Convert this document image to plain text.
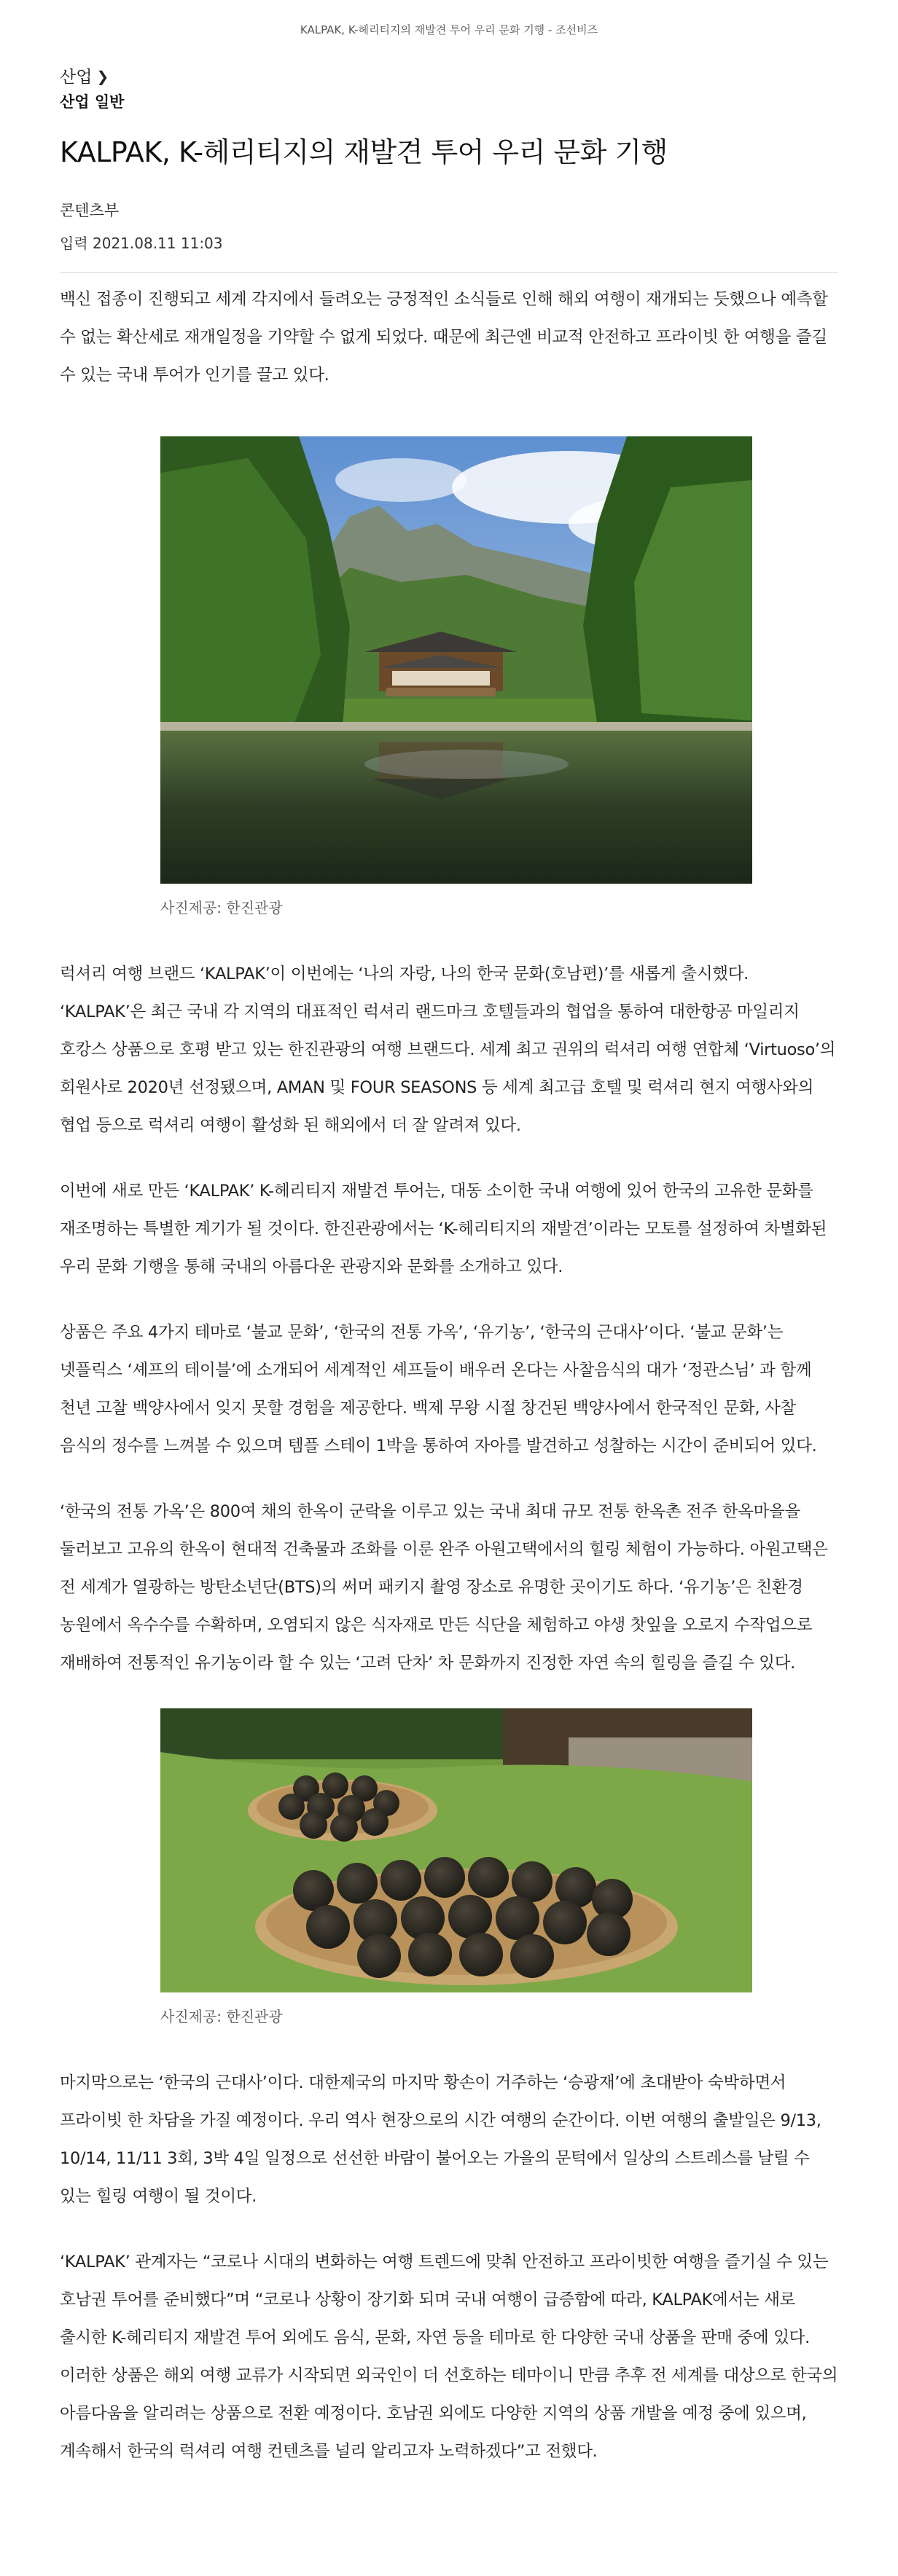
KALPAK, K-헤리티지의 재발견 투어 우리 문화 기행 - 조선비즈

산업 ❯

산업 일반

KALPAK, K-헤리티지의 재발견 투어 우리 문화 기행

콘텐츠부

입력 2021.08.11 11:03

백신 접종이 진행되고 세계 각지에서 들려오는 긍정적인 소식들로 인해 해외 여행이 재개되는 듯했으나 예측할 수 없는 확산세로 재개일정을 기약할 수 없게 되었다. 때문에 최근엔 비교적 안전하고 프라이빗 한 여행을 즐길 수 있는 국내 투어가 인기를 끌고 있다.

사진제공: 한진관광

럭셔리 여행 브랜드 ‘KALPAK’이 이번에는 ‘나의 자랑, 나의 한국 문화(호남편)’를 새롭게 출시했다. ‘KALPAK’은 최근 국내 각 지역의 대표적인 럭셔리 랜드마크 호텔들과의 협업을 통하여 대한항공 마일리지 호캉스 상품으로 호평 받고 있는 한진관광의 여행 브랜드다. 세계 최고 권위의 럭셔리 여행 연합체 ‘Virtuoso’의 회원사로 2020년 선정됐으며, AMAN 및 FOUR SEASONS 등 세계 최고급 호텔 및 럭셔리 현지 여행사와의 협업 등으로 럭셔리 여행이 활성화 된 해외에서 더 잘 알려져 있다.

이번에 새로 만든 ‘KALPAK’ K-헤리티지 재발견 투어는, 대동 소이한 국내 여행에 있어 한국의 고유한 문화를 재조명하는 특별한 계기가 될 것이다. 한진관광에서는 ‘K-헤리티지의 재발견’이라는 모토를 설정하여 차별화된 우리 문화 기행을 통해 국내의 아름다운 관광지와 문화를 소개하고 있다.

상품은 주요 4가지 테마로 ‘불교 문화’, ‘한국의 전통 가옥’, ‘유기농’, ‘한국의 근대사’이다. ‘불교 문화’는 넷플릭스 ‘셰프의 테이블’에 소개되어 세계적인 셰프들이 배우러 온다는 사찰음식의 대가 ‘정관스님’ 과 함께 천년 고찰 백양사에서 잊지 못할 경험을 제공한다. 백제 무왕 시절 창건된 백양사에서 한국적인 문화, 사찰 음식의 정수를 느껴볼 수 있으며 템플 스테이 1박을 통하여 자아를 발견하고 성찰하는 시간이 준비되어 있다.

‘한국의 전통 가옥’은 800여 채의 한옥이 군락을 이루고 있는 국내 최대 규모 전통 한옥촌 전주 한옥마을을 둘러보고 고유의 한옥이 현대적 건축물과 조화를 이룬 완주 아원고택에서의 힐링 체험이 가능하다. 아원고택은 전 세계가 열광하는 방탄소년단(BTS)의 써머 패키지 촬영 장소로 유명한 곳이기도 하다. ‘유기농’은 친환경 농원에서 옥수수를 수확하며, 오염되지 않은 식자재로 만든 식단을 체험하고 야생 찻잎을 오로지 수작업으로 재배하여 전통적인 유기농이라 할 수 있는 ‘고려 단차’ 차 문화까지 진정한 자연 속의 힐링을 즐길 수 있다.

사진제공: 한진관광

마지막으로는 ‘한국의 근대사’이다. 대한제국의 마지막 황손이 거주하는 ‘승광재’에 초대받아 숙박하면서 프라이빗 한 차담을 가질 예정이다. 우리 역사 현장으로의 시간 여행의 순간이다. 이번 여행의 출발일은 9/13, 10/14, 11/11 3회, 3박 4일 일정으로 선선한 바람이 불어오는 가을의 문턱에서 일상의 스트레스를 날릴 수 있는 힐링 여행이 될 것이다.

‘KALPAK’ 관계자는 “코로나 시대의 변화하는 여행 트렌드에 맞춰 안전하고 프라이빗한 여행을 즐기실 수 있는 호남권 투어를 준비했다”며 “코로나 상황이 장기화 되며 국내 여행이 급증함에 따라, KALPAK에서는 새로 출시한 K-헤리티지 재발견 투어 외에도 음식, 문화, 자연 등을 테마로 한 다양한 국내 상품을 판매 중에 있다. 이러한 상품은 해외 여행 교류가 시작되면 외국인이 더 선호하는 테마이니 만큼 추후 전 세계를 대상으로 한국의 아름다움을 알리려는 상품으로 전환 예정이다. 호남권 외에도 다양한 지역의 상품 개발을 예정 중에 있으며, 계속해서 한국의 럭셔리 여행 컨텐츠를 널리 알리고자 노력하겠다”고 전했다.
